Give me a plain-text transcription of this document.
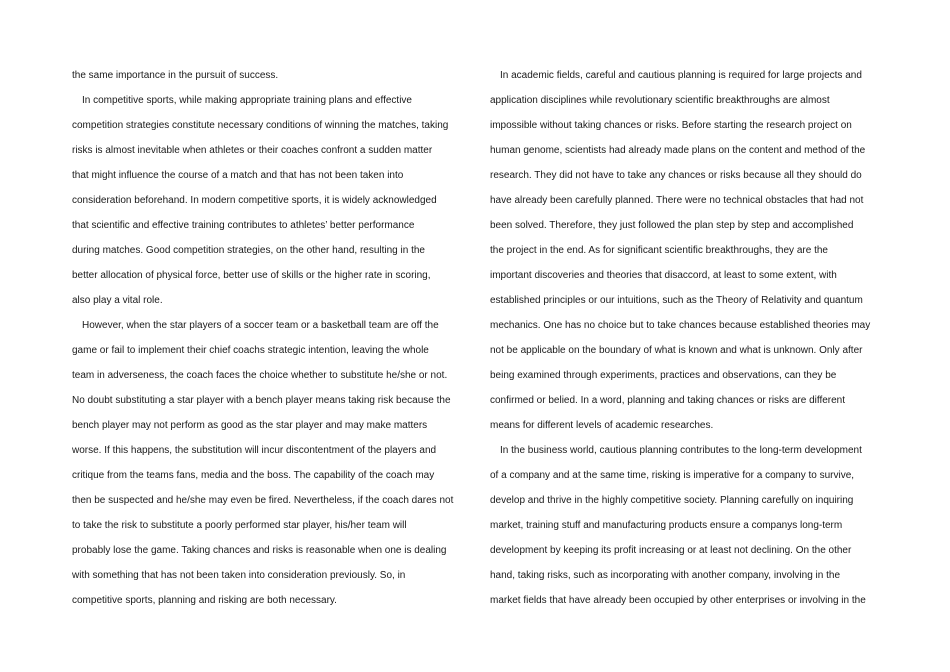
the same importance in the pursuit of success.
In competitive sports, while making appropriate training plans and effective
competition strategies constitute necessary conditions of winning the matches, taking
risks is almost inevitable when athletes or their coaches confront a sudden matter
that might influence the course of a match and that has not been taken into
consideration beforehand. In modern competitive sports, it is widely acknowledged
that scientific and effective training contributes to athletes’ better performance
during matches. Good competition strategies, on the other hand, resulting in the
better allocation of physical force, better use of skills or the higher rate in scoring,
also play a vital role.
However, when the star players of a soccer team or a basketball team are off the
game or fail to implement their chief coachs strategic intention, leaving the whole
team in adverseness, the coach faces the choice whether to substitute he/she or not.
No doubt substituting a star player with a bench player means taking risk because the
bench player may not perform as good as the star player and may make matters
worse. If this happens, the substitution will incur discontentment of the players and
critique from the teams fans, media and the boss. The capability of the coach may
then be suspected and he/she may even be fired. Nevertheless, if the coach dares not
to take the risk to substitute a poorly performed star player, his/her team will
probably lose the game. Taking chances and risks is reasonable when one is dealing
with something that has not been taken into consideration previously. So, in
competitive sports, planning and risking are both necessary.
In academic fields, careful and cautious planning is required for large projects and
application disciplines while revolutionary scientific breakthroughs are almost
impossible without taking chances or risks. Before starting the research project on
human genome, scientists had already made plans on the content and method of the
research. They did not have to take any chances or risks because all they should do
have already been carefully planned. There were no technical obstacles that had not
been solved. Therefore, they just followed the plan step by step and accomplished
the project in the end. As for significant scientific breakthroughs, they are the
important discoveries and theories that disaccord, at least to some extent, with
established principles or our intuitions, such as the Theory of Relativity and quantum
mechanics. One has no choice but to take chances because established theories may
not be applicable on the boundary of what is known and what is unknown. Only after
being examined through experiments, practices and observations, can they be
confirmed or belied. In a word, planning and taking chances or risks are different
means for different levels of academic researches.
In the business world, cautious planning contributes to the long-term development
of a company and at the same time, risking is imperative for a company to survive,
develop and thrive in the highly competitive society. Planning carefully on inquiring
market, training stuff and manufacturing products ensure a companys long-term
development by keeping its profit increasing or at least not declining. On the other
hand, taking risks, such as incorporating with another company, involving in the
market fields that have already been occupied by other enterprises or involving in the
